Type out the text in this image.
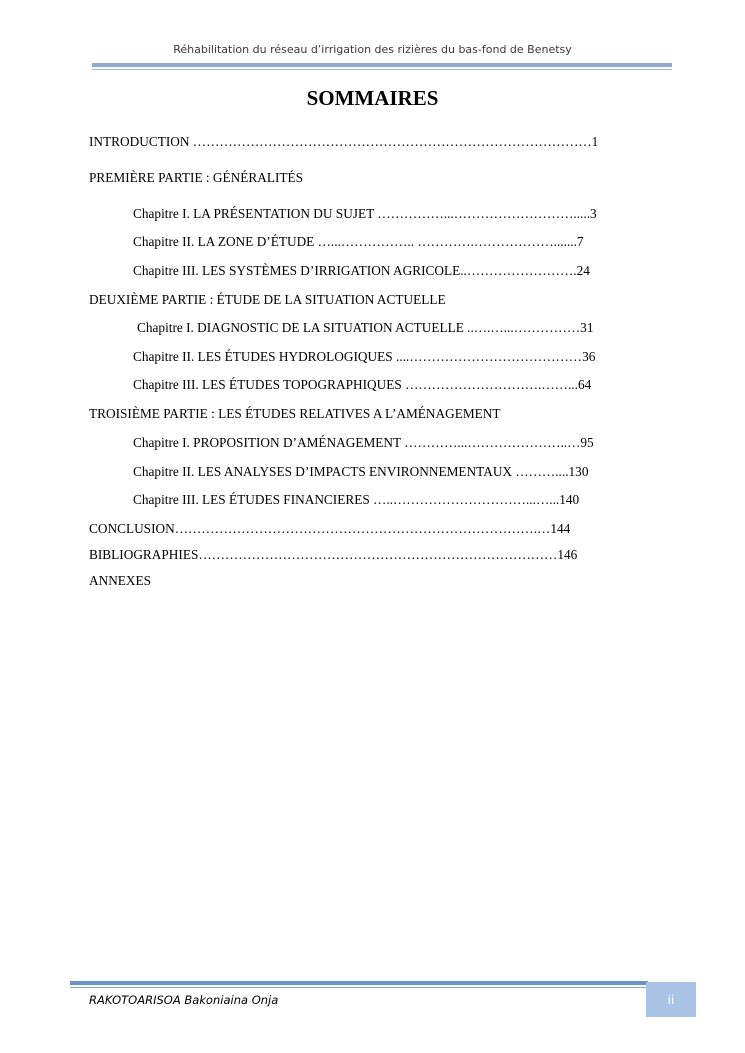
Réhabilitation du réseau d’irrigation des rizières du bas-fond de Benetsy
SOMMAIRES
INTRODUCTION ………………………………………………………………………………1
PREMIÈRE PARTIE : GÉNÉRALITÉS
Chapitre I. LA PRÉSENTATION DU SUJET ……………...……………………….....3
Chapitre II. LA ZONE D’ÉTUDE …...…………….. ………….……………….......7
Chapitre III. LES SYSTÈMES D’IRRIGATION AGRICOLE..…………………….24
DEUXIÈME PARTIE : ÉTUDE DE LA SITUATION ACTUELLE
Chapitre I. DIAGNOSTIC DE LA SITUATION ACTUELLE ..….…...……………31
Chapitre II. LES ÉTUDES HYDROLOGIQUES ....…………………………………36
Chapitre III. LES ÉTUDES TOPOGRAPHIQUES ………………………….……...64
TROISIÈME PARTIE : LES ÉTUDES RELATIVES A L’AMÉNAGEMENT
Chapitre I. PROPOSITION D’AMÉNAGEMENT …………...…………………..…95
Chapitre II. LES ANALYSES D’IMPACTS ENVIRONNEMENTAUX ………....130
Chapitre III. LES ÉTUDES FINANCIERES …..…………………………...…...140
CONCLUSION……………………………………………………………………….…144
BIBLIOGRAPHIES………………………………………………………………………146
ANNEXES
RAKOTOARISOA Bakoniaina Onja	ii
